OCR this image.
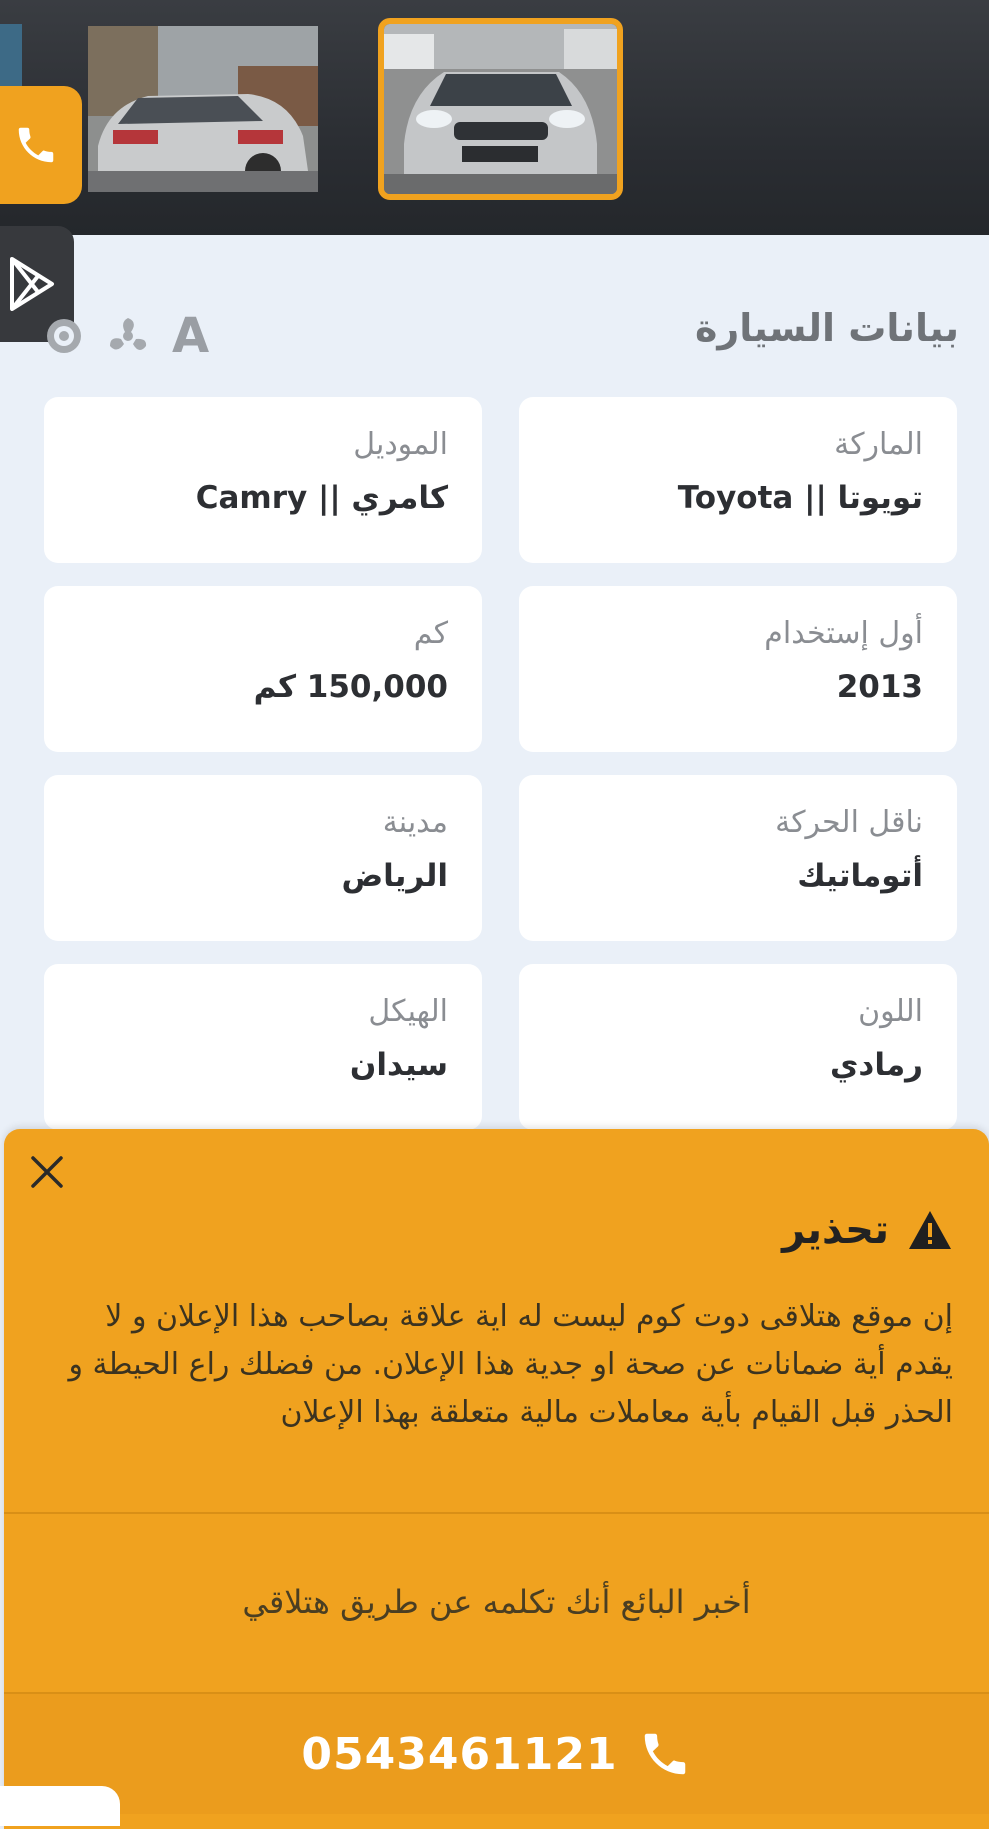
بيانات السيارة
A
الماركة
تويوتا || Toyota
الموديل
كامري || Camry
أول إستخدام
2013
كم
150,000 كم
ناقل الحركة
أتوماتيك
مدينة
الرياض
اللون
رمادي
الهيكل
سيدان
تحذير
إن موقع هتلاقى دوت كوم ليست له اية علاقة بصاحب هذا الإعلان و لا يقدم أية ضمانات عن صحة او جدية هذا الإعلان. من فضلك راع الحيطة و الحذر قبل القيام بأية معاملات مالية متعلقة بهذا الإعلان
أخبر البائع أنك تكلمه عن طريق هتلاقي
0543461121
